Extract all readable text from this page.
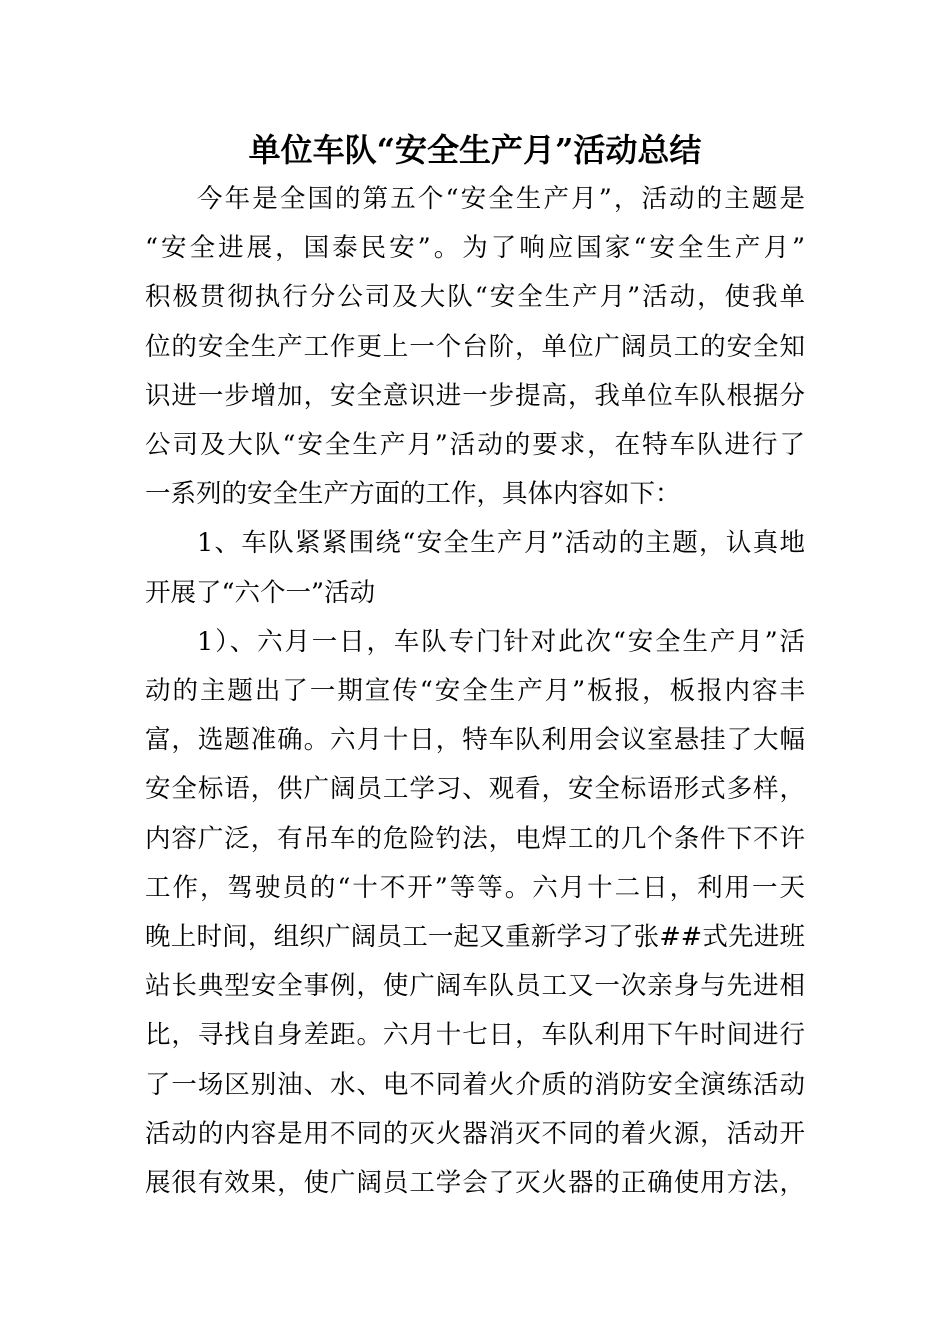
单位车队“安全生产月”活动总结
今年是全国的第五个“安全生产月”，活动的主题是
“安全进展，国泰民安”。为了响应国家“安全生产月”
积极贯彻执行分公司及大队“安全生产月”活动，使我单
位的安全生产工作更上一个台阶，单位广阔员工的安全知
识进一步增加，安全意识进一步提高，我单位车队根据分
公司及大队“安全生产月”活动的要求，在特车队进行了
一系列的安全生产方面的工作，具体内容如下：
1、车队紧紧围绕“安全生产月”活动的主题，认真地
开展了“六个一”活动
1）、六月一日，车队专门针对此次“安全生产月”活
动的主题出了一期宣传“安全生产月”板报，板报内容丰
富，选题准确。六月十日，特车队利用会议室悬挂了大幅
安全标语，供广阔员工学习、观看，安全标语形式多样，
内容广泛，有吊车的危险钓法，电焊工的几个条件下不许
工作，驾驶员的“十不开”等等。六月十二日，利用一天
晚上时间，组织广阔员工一起又重新学习了张##式先进班
站长典型安全事例，使广阔车队员工又一次亲身与先进相
比，寻找自身差距。六月十七日，车队利用下午时间进行
了一场区别油、水、电不同着火介质的消防安全演练活动
活动的内容是用不同的灭火器消灭不同的着火源，活动开
展很有效果，使广阔员工学会了灭火器的正确使用方法，
